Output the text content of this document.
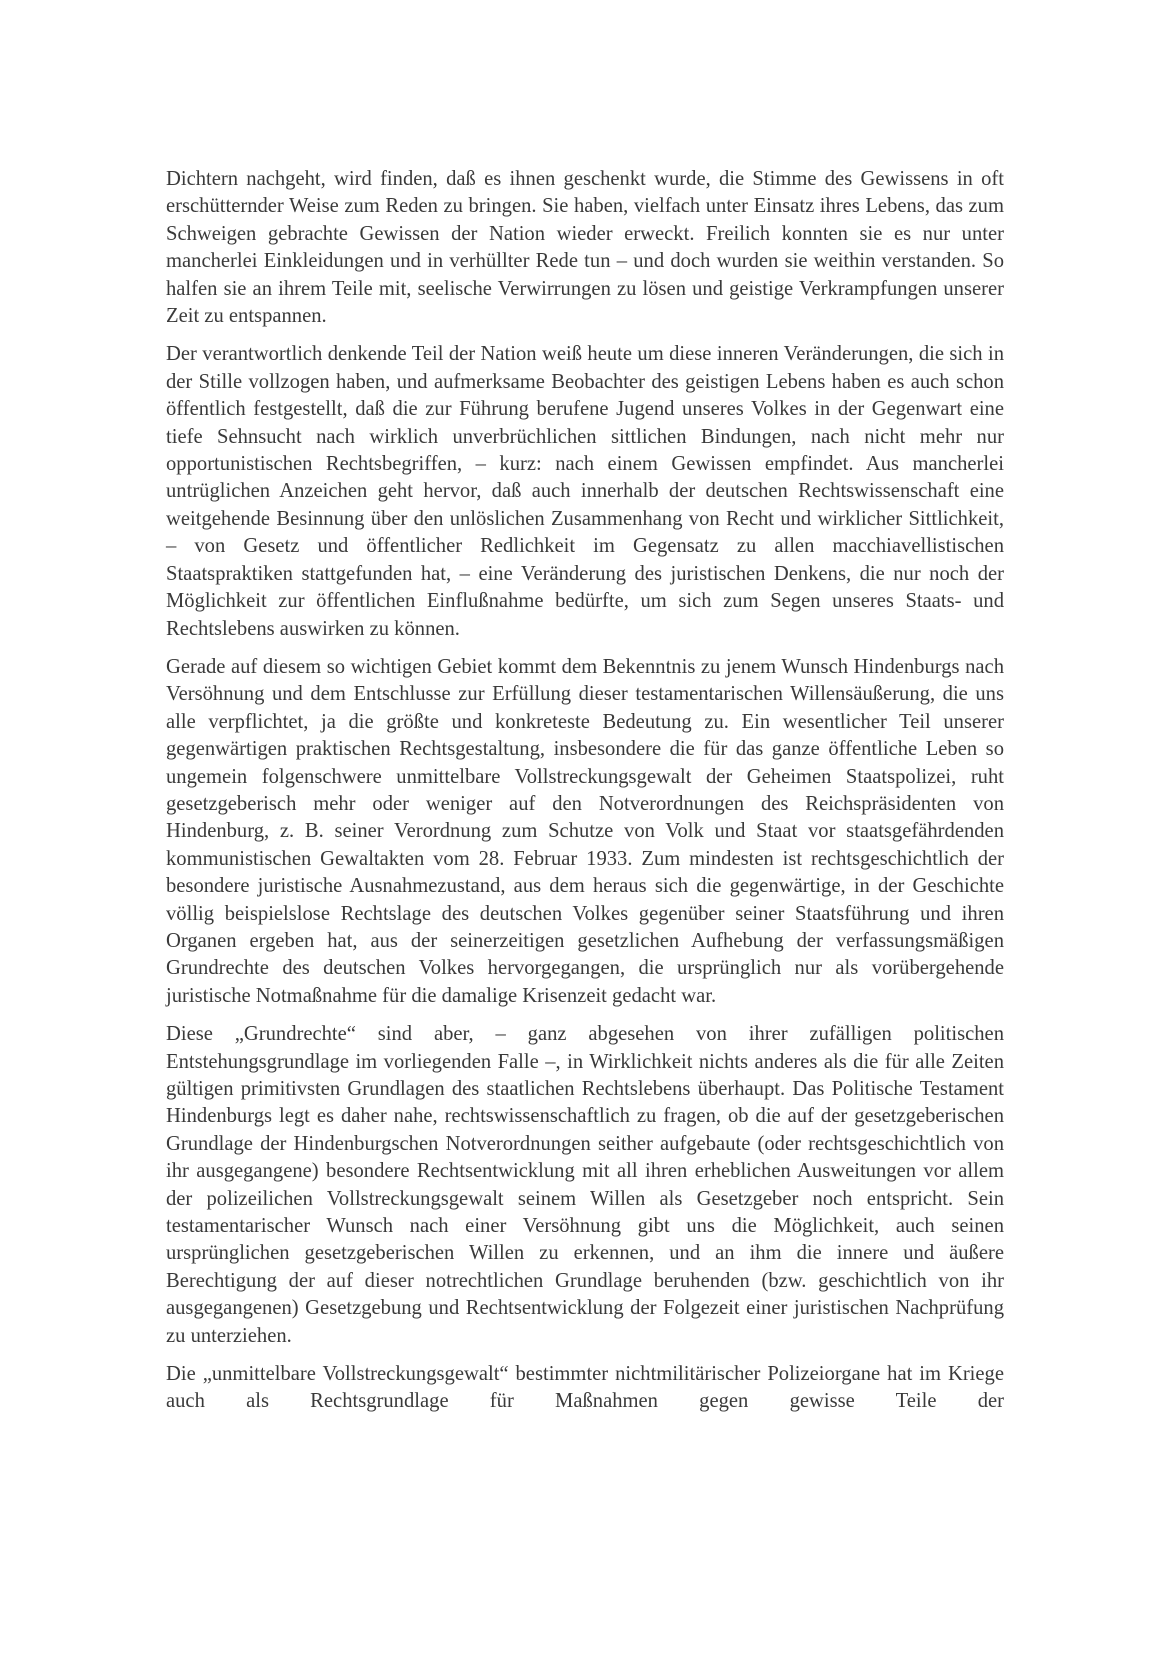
Dichtern nachgeht, wird finden, daß es ihnen geschenkt wurde, die Stimme des Gewissens in oft erschütternder Weise zum Reden zu bringen. Sie haben, vielfach unter Einsatz ihres Lebens, das zum Schweigen gebrachte Gewissen der Nation wieder erweckt. Freilich konnten sie es nur unter mancherlei Einkleidungen und in verhüllter Rede tun – und doch wurden sie weithin verstanden. So halfen sie an ihrem Teile mit, seelische Verwirrungen zu lösen und geistige Verkrampfungen unserer Zeit zu entspannen.

Der verantwortlich denkende Teil der Nation weiß heute um diese inneren Veränderungen, die sich in der Stille vollzogen haben, und aufmerksame Beobachter des geistigen Lebens haben es auch schon öffentlich festgestellt, daß die zur Führung berufene Jugend unseres Volkes in der Gegenwart eine tiefe Sehnsucht nach wirklich unverbrüchlichen sittlichen Bindungen, nach nicht mehr nur opportunistischen Rechtsbegriffen, – kurz: nach einem Gewissen empfindet. Aus mancherlei untrüglichen Anzeichen geht hervor, daß auch innerhalb der deutschen Rechtswissenschaft eine weitgehende Besinnung über den unlöslichen Zusammenhang von Recht und wirklicher Sittlichkeit, – von Gesetz und öffentlicher Redlichkeit im Gegensatz zu allen macchiavellistischen Staatspraktiken stattgefunden hat, – eine Veränderung des juristischen Denkens, die nur noch der Möglichkeit zur öffentlichen Einflußnahme bedürfte, um sich zum Segen unseres Staats- und Rechtslebens auswirken zu können.

Gerade auf diesem so wichtigen Gebiet kommt dem Bekenntnis zu jenem Wunsch Hindenburgs nach Versöhnung und dem Entschlusse zur Erfüllung dieser testamentarischen Willensäußerung, die uns alle verpflichtet, ja die größte und konkreteste Bedeutung zu. Ein wesentlicher Teil unserer gegenwärtigen praktischen Rechtsgestaltung, insbesondere die für das ganze öffentliche Leben so ungemein folgenschwere unmittelbare Vollstreckungsgewalt der Geheimen Staatspolizei, ruht gesetzgeberisch mehr oder weniger auf den Notverordnungen des Reichspräsidenten von Hindenburg, z. B. seiner Verordnung zum Schutze von Volk und Staat vor staatsgefährdenden kommunistischen Gewaltakten vom 28. Februar 1933. Zum mindesten ist rechtsgeschichtlich der besondere juristische Ausnahmezustand, aus dem heraus sich die gegenwärtige, in der Geschichte völlig beispielslose Rechtslage des deutschen Volkes gegenüber seiner Staatsführung und ihren Organen ergeben hat, aus der seinerzeitigen gesetzlichen Aufhebung der verfassungsmäßigen Grundrechte des deutschen Volkes hervorgegangen, die ursprünglich nur als vorübergehende juristische Notmaßnahme für die damalige Krisenzeit gedacht war.

Diese „Grundrechte“ sind aber, – ganz abgesehen von ihrer zufälligen politischen Entstehungsgrundlage im vorliegenden Falle –, in Wirklichkeit nichts anderes als die für alle Zeiten gültigen primitivsten Grundlagen des staatlichen Rechtslebens überhaupt. Das Politische Testament Hindenburgs legt es daher nahe, rechtswissenschaftlich zu fragen, ob die auf der gesetzgeberischen Grundlage der Hindenburgschen Notverordnungen seither aufgebaute (oder rechtsgeschichtlich von ihr ausgegangene) besondere Rechtsentwicklung mit all ihren erheblichen Ausweitungen vor allem der polizeilichen Vollstreckungsgewalt seinem Willen als Gesetzgeber noch entspricht. Sein testamentarischer Wunsch nach einer Versöhnung gibt uns die Möglichkeit, auch seinen ursprünglichen gesetzgeberischen Willen zu erkennen, und an ihm die innere und äußere Berechtigung der auf dieser notrechtlichen Grundlage beruhenden (bzw. geschichtlich von ihr ausgegangenen) Gesetzgebung und Rechtsentwicklung der Folgezeit einer juristischen Nachprüfung zu unterziehen.

Die „unmittelbare Vollstreckungsgewalt“ bestimmter nichtmilitärischer Polizeiorgane hat im Kriege auch als Rechtsgrundlage für Maßnahmen gegen gewisse Teile der
